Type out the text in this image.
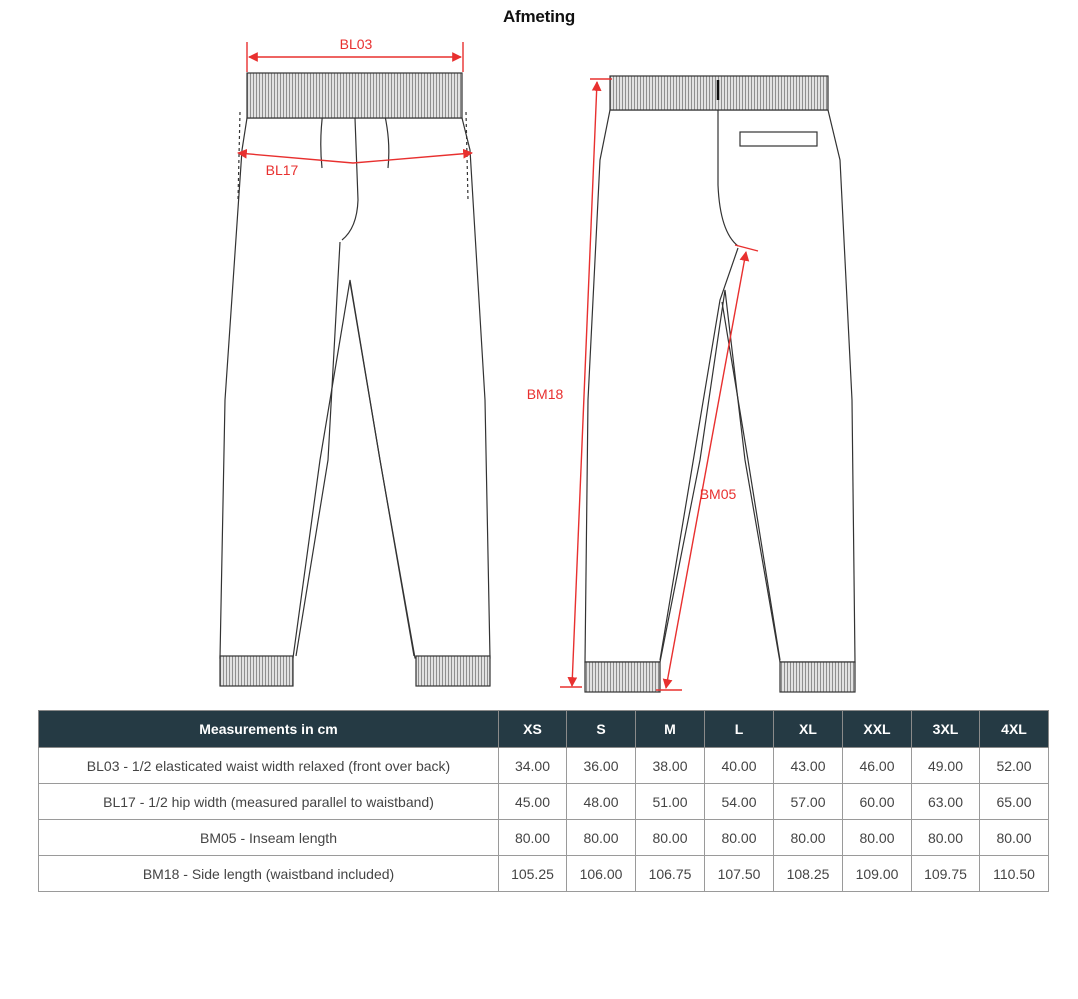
Afmeting
BL03
BL17
BM18
BM05
Measurements in cm	XS	S	M	L	XL	XXL	3XL	4XL
BL03 - 1/2 elasticated waist width relaxed (front over back)	34.00	36.00	38.00	40.00	43.00	46.00	49.00	52.00
BL17 - 1/2 hip width (measured parallel to waistband)	45.00	48.00	51.00	54.00	57.00	60.00	63.00	65.00
BM05 - Inseam length	80.00	80.00	80.00	80.00	80.00	80.00	80.00	80.00
BM18 - Side length (waistband included)	105.25	106.00	106.75	107.50	108.25	109.00	109.75	110.50
